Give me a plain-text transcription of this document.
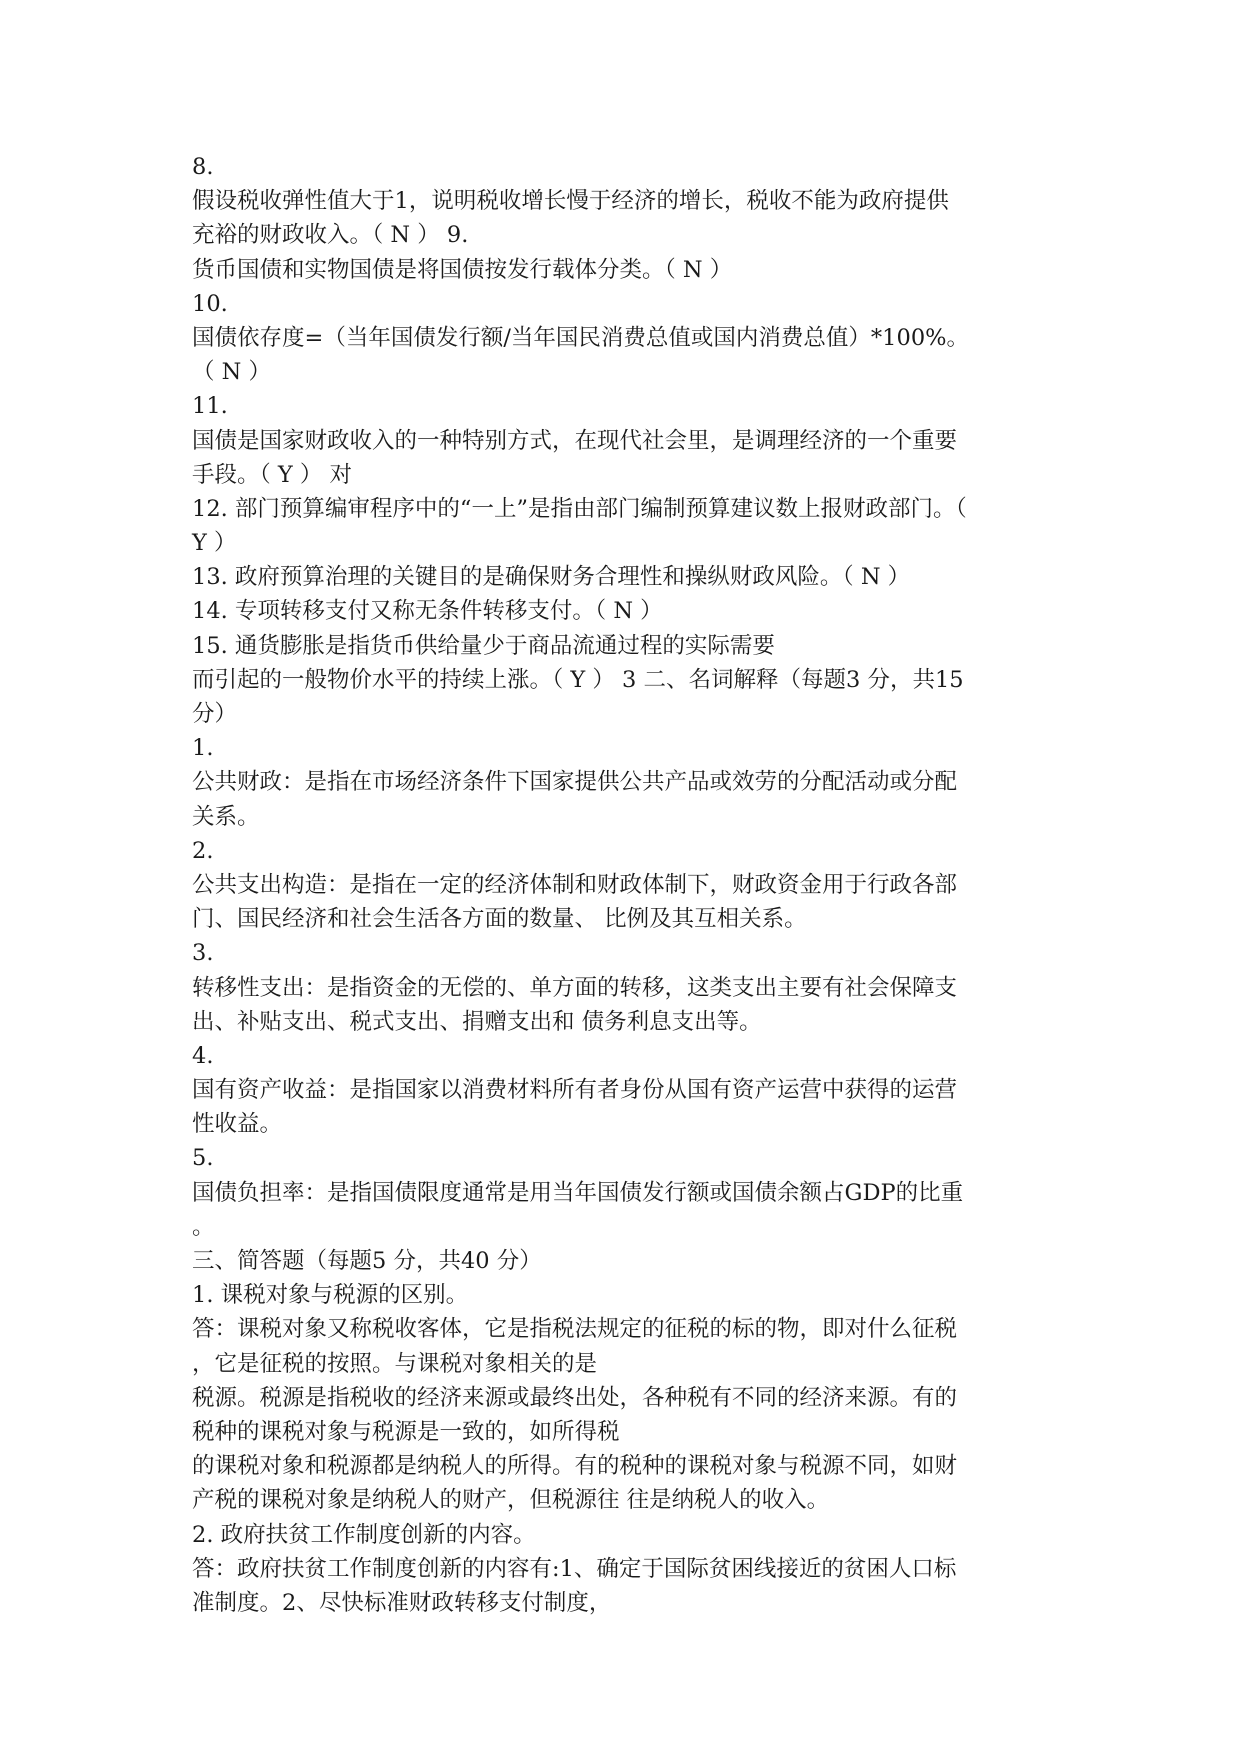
8.
假设税收弹性值大于1，说明税收增长慢于经济的增长，税收不能为政府提供
充裕的财政收入。（ N ） 9.
货币国债和实物国债是将国债按发行载体分类。（ N ）
10.
国债依存度=（当年国债发行额/当年国民消费总值或国内消费总值）*100%。
（ N ）
11.
国债是国家财政收入的一种特别方式，在现代社会里，是调理经济的一个重要
手段。（ Y ） 对
12. 部门预算编审程序中的“一上”是指由部门编制预算建议数上报财政部门。（
Y ）
13. 政府预算治理的关键目的是确保财务合理性和操纵财政风险。（ N ）
14. 专项转移支付又称无条件转移支付。（ N ）
15. 通货膨胀是指货币供给量少于商品流通过程的实际需要
而引起的一般物价水平的持续上涨。（ Y ） 3 二、名词解释（每题3 分，共15
分）
1.
公共财政：是指在市场经济条件下国家提供公共产品或效劳的分配活动或分配
关系。
2.
公共支出构造：是指在一定的经济体制和财政体制下，财政资金用于行政各部
门、国民经济和社会生活各方面的数量、 比例及其互相关系。
3.
转移性支出：是指资金的无偿的、单方面的转移，这类支出主要有社会保障支
出、补贴支出、税式支出、捐赠支出和 债务利息支出等。
4.
国有资产收益：是指国家以消费材料所有者身份从国有资产运营中获得的运营
性收益。
5.
国债负担率：是指国债限度通常是用当年国债发行额或国债余额占GDP的比重
。
三、简答题（每题5 分，共40 分）
1. 课税对象与税源的区别。
答：课税对象又称税收客体，它是指税法规定的征税的标的物，即对什么征税
，它是征税的按照。与课税对象相关的是
税源。税源是指税收的经济来源或最终出处，各种税有不同的经济来源。有的
税种的课税对象与税源是一致的，如所得税
的课税对象和税源都是纳税人的所得。有的税种的课税对象与税源不同，如财
产税的课税对象是纳税人的财产，但税源往 往是纳税人的收入。
2. 政府扶贫工作制度创新的内容。
答：政府扶贫工作制度创新的内容有:1、确定于国际贫困线接近的贫困人口标
准制度。2、尽快标准财政转移支付制度，
